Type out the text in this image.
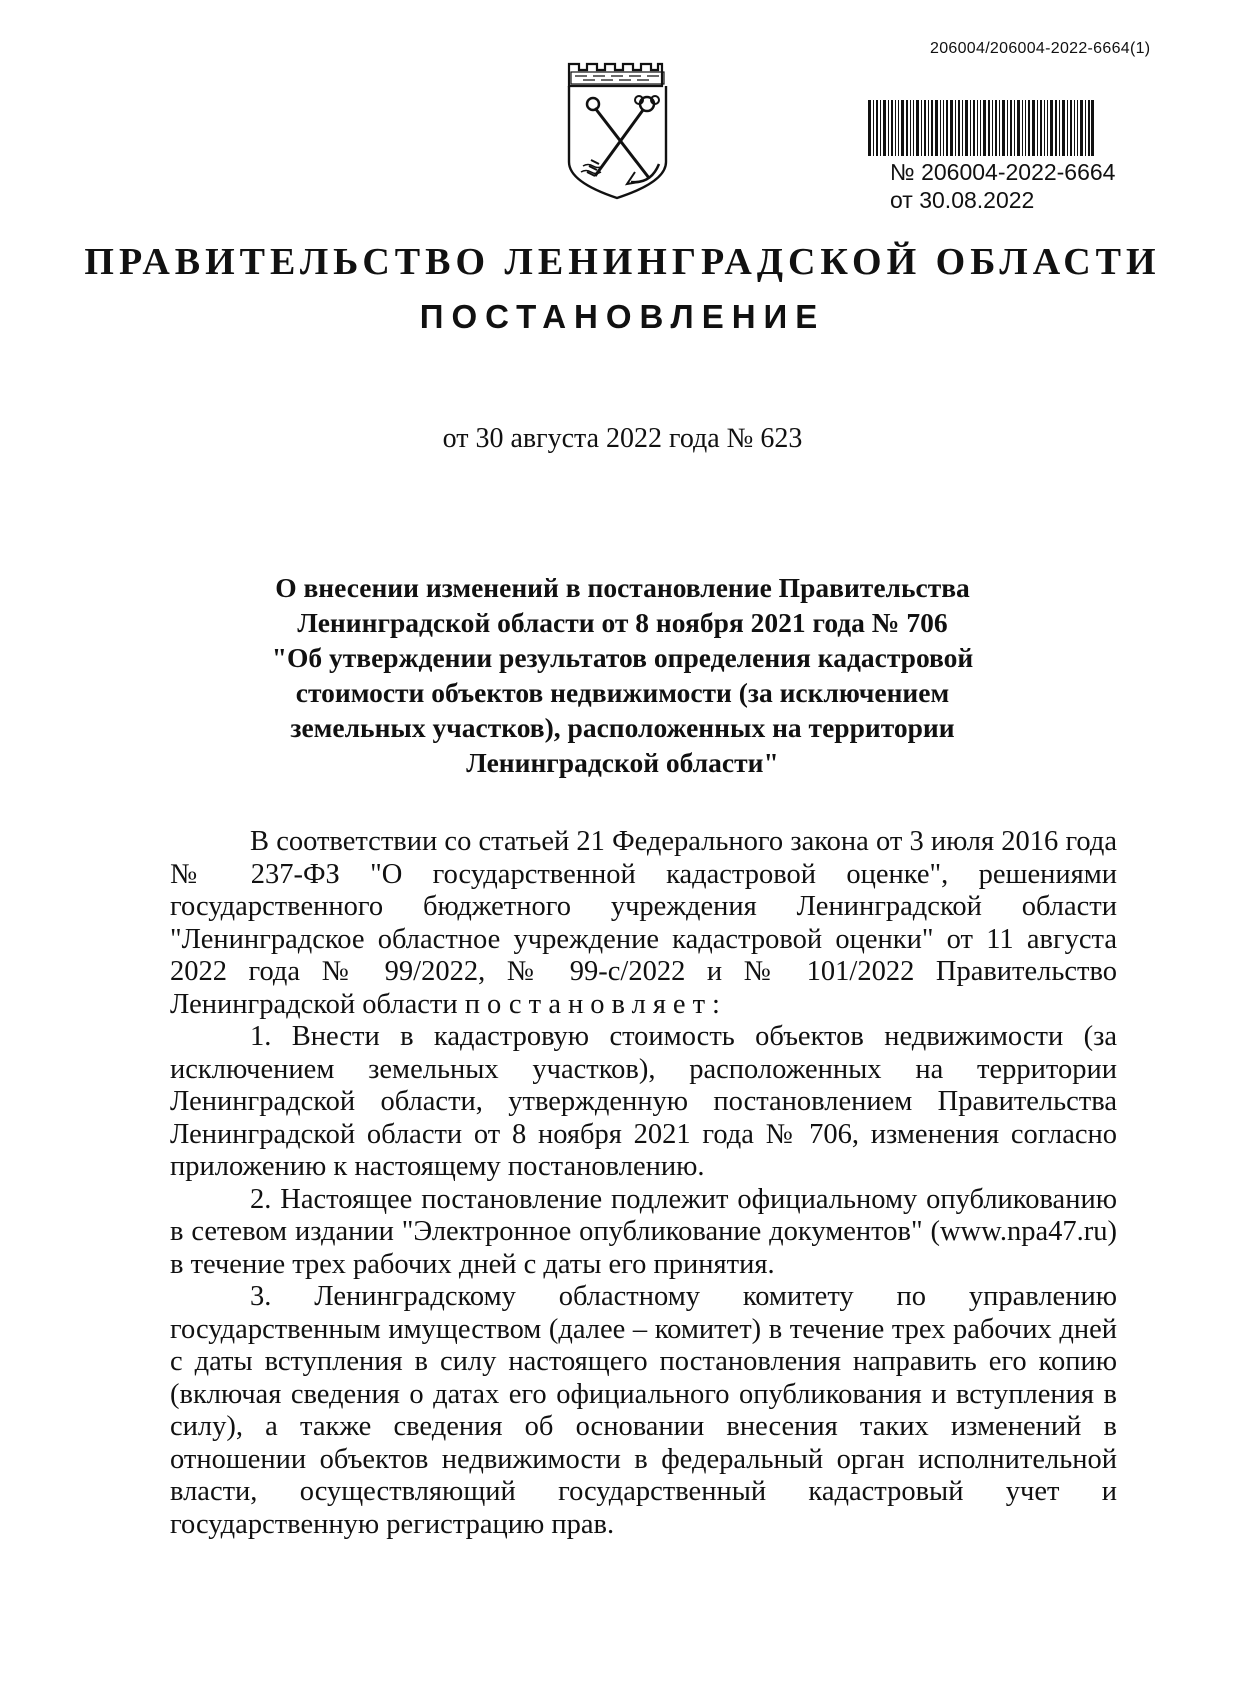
206004/206004-2022-6664(1)
№ 206004-2022-6664
от 30.08.2022
ПРАВИТЕЛЬСТВО ЛЕНИНГРАДСКОЙ ОБЛАСТИ
ПОСТАНОВЛЕНИЕ
от 30 августа 2022 года № 623
О внесении изменений в постановление Правительства
Ленинградской области от 8 ноября 2021 года № 706
"Об утверждении результатов определения кадастровой
стоимости объектов недвижимости (за исключением
земельных участков), расположенных на территории
Ленинградской области"

В соответствии со статьей 21 Федерального закона от 3 июля 2016 года № 237-ФЗ "О государственной кадастровой оценке", решениями государственного бюджетного учреждения Ленинградской области "Ленинградское областное учреждение кадастровой оценки" от 11 августа 2022 года № 99/2022, № 99-с/2022 и № 101/2022 Правительство Ленинградской области постановляет:

1. Внести в кадастровую стоимость объектов недвижимости (за исключением земельных участков), расположенных на территории Ленинградской области, утвержденную постановлением Правительства Ленинградской области от 8 ноября 2021 года № 706, изменения согласно приложению к настоящему постановлению.

2. Настоящее постановление подлежит официальному опубликованию в сетевом издании "Электронное опубликование документов" (www.npa47.ru) в течение трех рабочих дней с даты его принятия.

3. Ленинградскому областному комитету по управлению государственным имуществом (далее – комитет) в течение трех рабочих дней с даты вступления в силу настоящего постановления направить его копию (включая сведения о датах его официального опубликования и вступления в силу), а также сведения об основании внесения таких изменений в отношении объектов недвижимости в федеральный орган исполнительной власти, осуществляющий государственный кадастровый учет и государственную регистрацию прав.
